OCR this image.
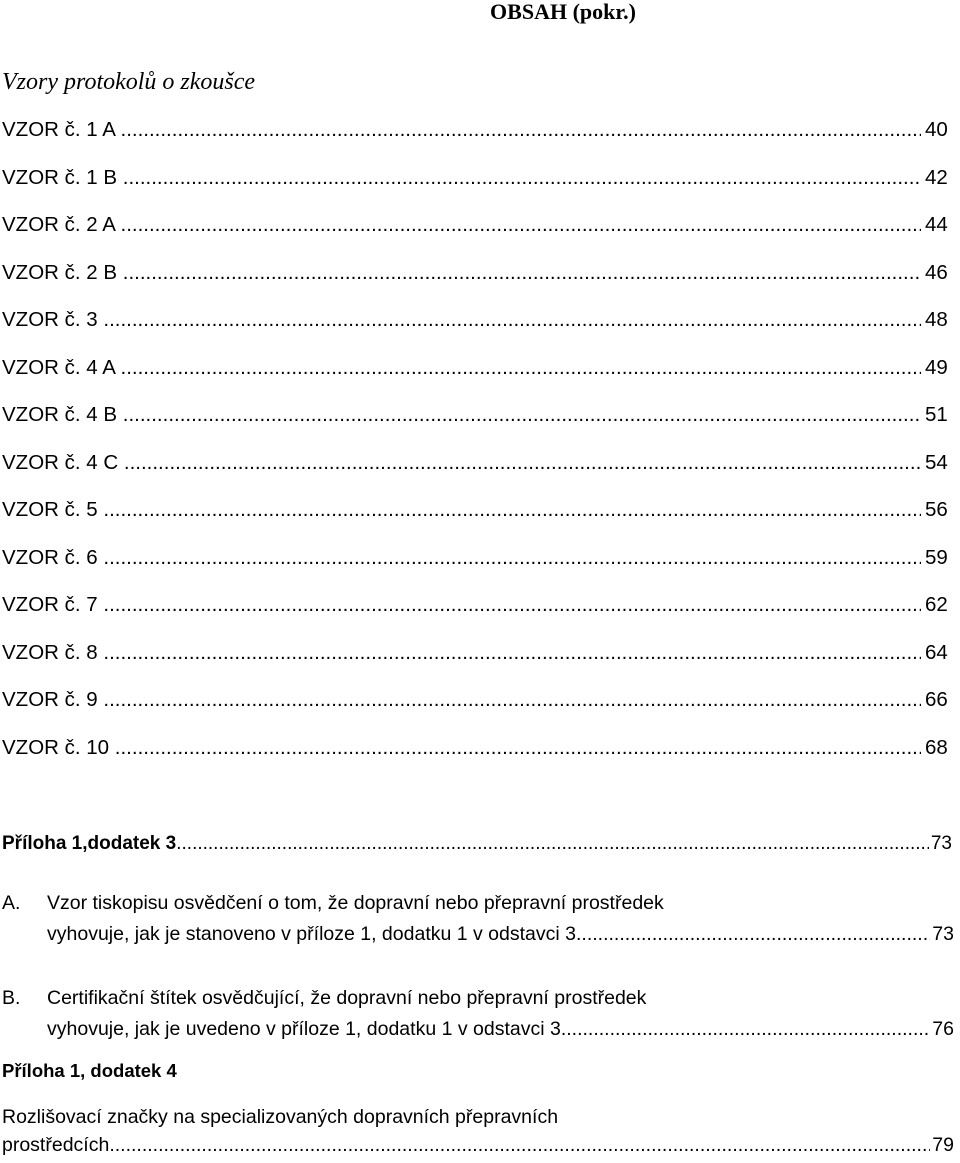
OBSAH (pokr.)
Vzory protokolů o zkoušce
VZOR č. 1 A .....	40
VZOR č. 1 B .....	42
VZOR č. 2 A .....	44
VZOR č. 2 B .....	46
VZOR č. 3 .....	48
VZOR č. 4 A .....	49
VZOR č. 4 B .....	51
VZOR č. 4 C .....	54
VZOR č. 5 .....	56
VZOR č. 6 .....	59
VZOR č. 7 .....	62
VZOR č. 8 .....	64
VZOR č. 9 .....	66
VZOR č. 10 .....	68
Příloha 1,dodatek 3 .....	73
A. Vzor tiskopisu osvědčení o tom, že dopravní nebo přepravní prostředek
vyhovuje, jak je stanoveno v příloze 1, dodatku 1 v odstavci 3 .....	73
B. Certifikační štítek osvědčující, že dopravní nebo přepravní prostředek
vyhovuje, jak je uvedeno v příloze 1, dodatku 1 v odstavci 3 .....	76
Příloha 1, dodatek 4
Rozlišovací značky na specializovaných dopravních přepravních
prostředcích .....	79
